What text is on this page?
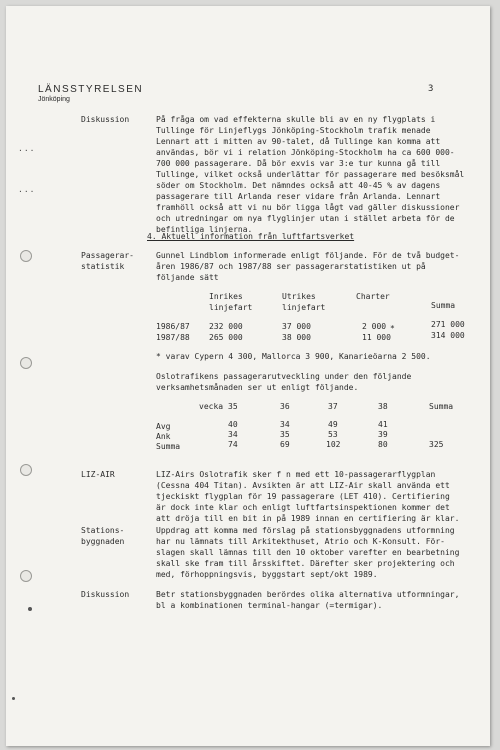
LÄNSSTYRELSEN
Jönköping
3
...
...
Diskussion	På fråga om vad effekterna skulle bli av en ny flygplats i

Tullinge för Linjeflygs Jönköping-Stockholm trafik menade

Lennart att i mitten av 90-talet, då Tullinge kan komma att

användas, bör vi i relation Jönköping-Stockholm ha ca 600 000-

700 000 passagerare. Då bör exvis var 3:e tur kunna gå till

Tullinge, vilket också underlättar för passagerare med besöksmål

söder om Stockholm. Det nämndes också att 40-45 % av dagens

passagerare till Arlanda reser vidare från Arlanda. Lennart

framhöll också att vi nu bör ligga lågt vad gäller diskussioner

och utredningar om nya flyglinjer utan i stället arbeta för de

befintliga linjerna.

4. Aktuell information från luftfartsverket
Passagerar-
statistik

Gunnel Lindblom informerade enligt följande. För de två budget-

åren 1986/87 och 1987/88 ser passagerarstatistiken ut på

följande sätt

Inrikes
linjefart
Utrikes
linjefart
Charter
Summa
1986/87 232 000	37 000	2 000 *	271 000
1987/88 265 000	38 000	11 000	314 000
* varav Cypern 4 300, Mallorca 3 900, Kanarieöarna 2 500.

Oslotrafikens passagerarutveckling under den följande

verksamhetsmånaden ser ut enligt följande.

vecka 35	36	37	38	Summa
Avg	40	34	49	41
Ank	34	35	53	39
Summa	74	69	102	80	325
LIZ-AIR	LIZ-Airs Oslotrafik sker f n med ett 10-passagerarflygplan

(Cessna 404 Titan). Avsikten är att LIZ-Air skall använda ett

tjeckiskt flygplan för 19 passagerare (LET 410). Certifiering

är dock inte klar och enligt luftfartsinspektionen kommer det

att dröja till en bit in på 1989 innan en certifiering är klar.

Stations-
byggnaden

Uppdrag att komma med förslag på stationsbyggnadens utformning

har nu lämnats till Arkitekthuset, Atrio och K-Konsult. För-

slagen skall lämnas till den 10 oktober varefter en bearbetning

skall ske fram till årsskiftet. Därefter sker projektering och

med, förhoppningsvis, byggstart sept/okt 1989.

Diskussion	Betr stationsbyggnaden berördes olika alternativa utformningar,

bl a kombinationen terminal-hangar (=termigar).
